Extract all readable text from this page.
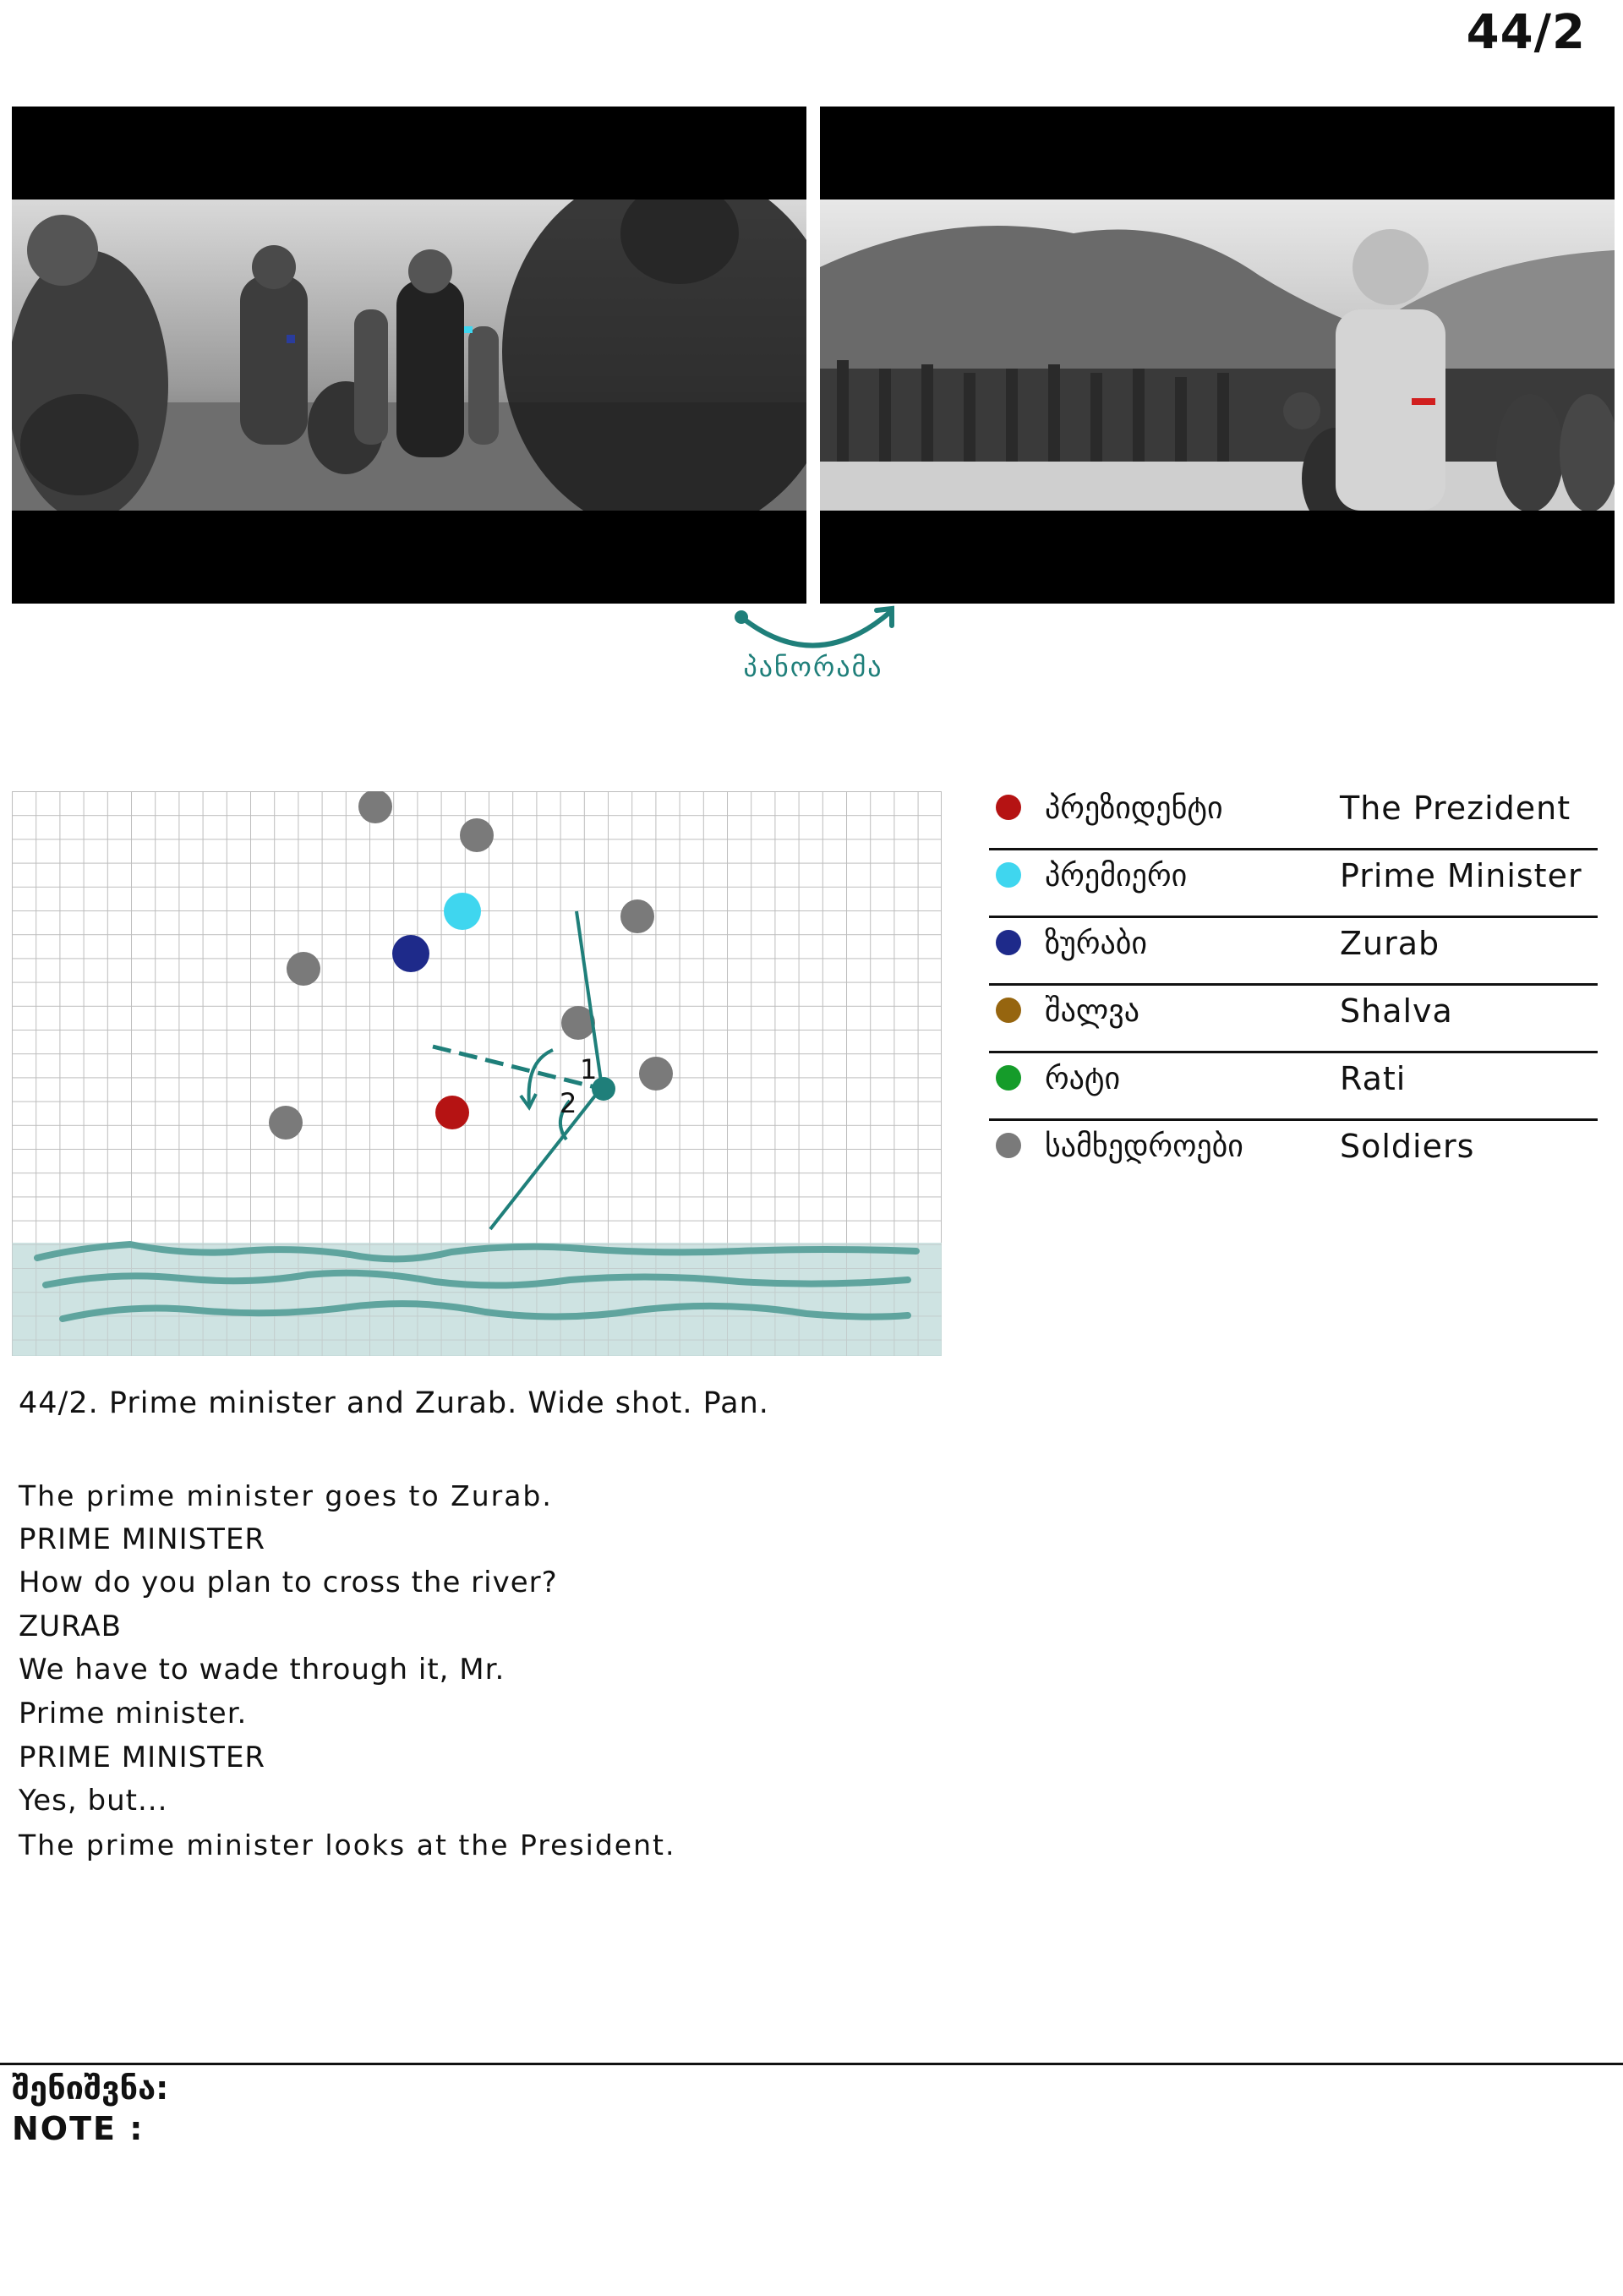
44/2
პანორამა
1
2
პრეზიდენტი	The Prezident
პრემიერი	Prime Minister
ზურაბი	Zurab
შალვა	Shalva
რატი	Rati
სამხედროები	Soldiers
44/2. Prime minister and Zurab. Wide shot. Pan.
The prime minister goes to Zurab.
PRIME MINISTER
How do you plan to cross the river?
ZURAB
We have to wade through it, Mr.
Prime minister.
PRIME MINISTER
Yes, but...
The prime minister looks at the President.
შენიშვნა:
NOTE :
